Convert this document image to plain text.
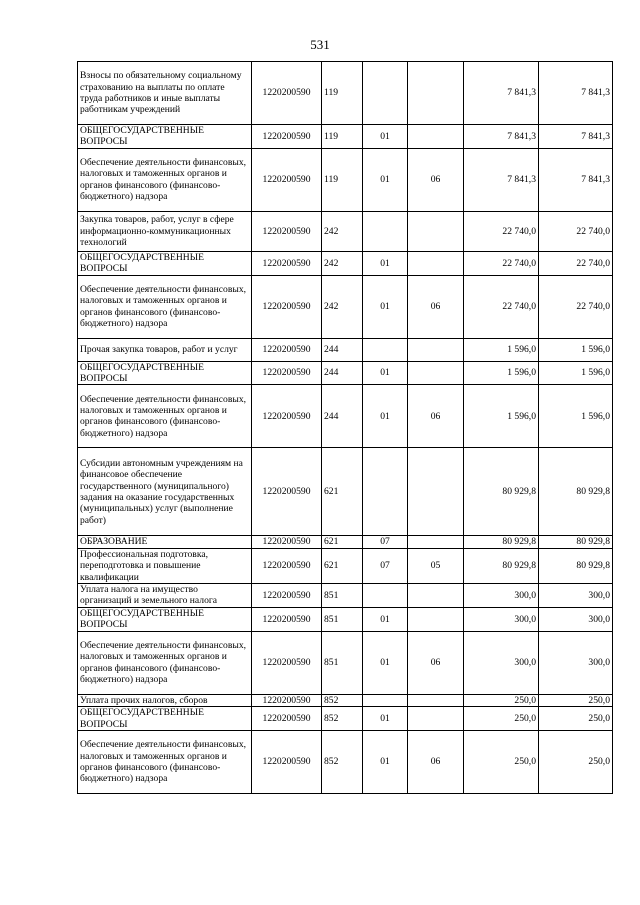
531
Взносы по обязательному социальному страхованию на выплаты по оплате труда работников и иные выплаты работникам учреждений	1220200590	119			7 841,3	7 841,3
ОБЩЕГОСУДАРСТВЕННЫЕ ВОПРОСЫ	1220200590	119	01		7 841,3	7 841,3
Обеспечение деятельности финансовых, налоговых и таможенных органов и органов финансового (финансово-бюджетного) надзора	1220200590	119	01	06	7 841,3	7 841,3
Закупка товаров, работ, услуг в сфере информационно-коммуникационных технологий	1220200590	242			22 740,0	22 740,0
ОБЩЕГОСУДАРСТВЕННЫЕ ВОПРОСЫ	1220200590	242	01		22 740,0	22 740,0
Обеспечение деятельности финансовых, налоговых и таможенных органов и органов финансового (финансово-бюджетного) надзора	1220200590	242	01	06	22 740,0	22 740,0
Прочая закупка товаров, работ и услуг	1220200590	244			1 596,0	1 596,0
ОБЩЕГОСУДАРСТВЕННЫЕ ВОПРОСЫ	1220200590	244	01		1 596,0	1 596,0
Обеспечение деятельности финансовых, налоговых и таможенных органов и органов финансового (финансово-бюджетного) надзора	1220200590	244	01	06	1 596,0	1 596,0
Субсидии автономным учреждениям на финансовое обеспечение государственного (муниципального) задания на оказание государственных (муниципальных) услуг (выполнение работ)	1220200590	621			80 929,8	80 929,8
ОБРАЗОВАНИЕ	1220200590	621	07		80 929,8	80 929,8
Профессиональная подготовка, переподготовка и повышение квалификации	1220200590	621	07	05	80 929,8	80 929,8
Уплата налога на имущество организаций и земельного налога	1220200590	851			300,0	300,0
ОБЩЕГОСУДАРСТВЕННЫЕ ВОПРОСЫ	1220200590	851	01		300,0	300,0
Обеспечение деятельности финансовых, налоговых и таможенных органов и органов финансового (финансово-бюджетного) надзора	1220200590	851	01	06	300,0	300,0
Уплата прочих налогов, сборов	1220200590	852			250,0	250,0
ОБЩЕГОСУДАРСТВЕННЫЕ ВОПРОСЫ	1220200590	852	01		250,0	250,0
Обеспечение деятельности финансовых, налоговых и таможенных органов и органов финансового (финансово-бюджетного) надзора	1220200590	852	01	06	250,0	250,0
